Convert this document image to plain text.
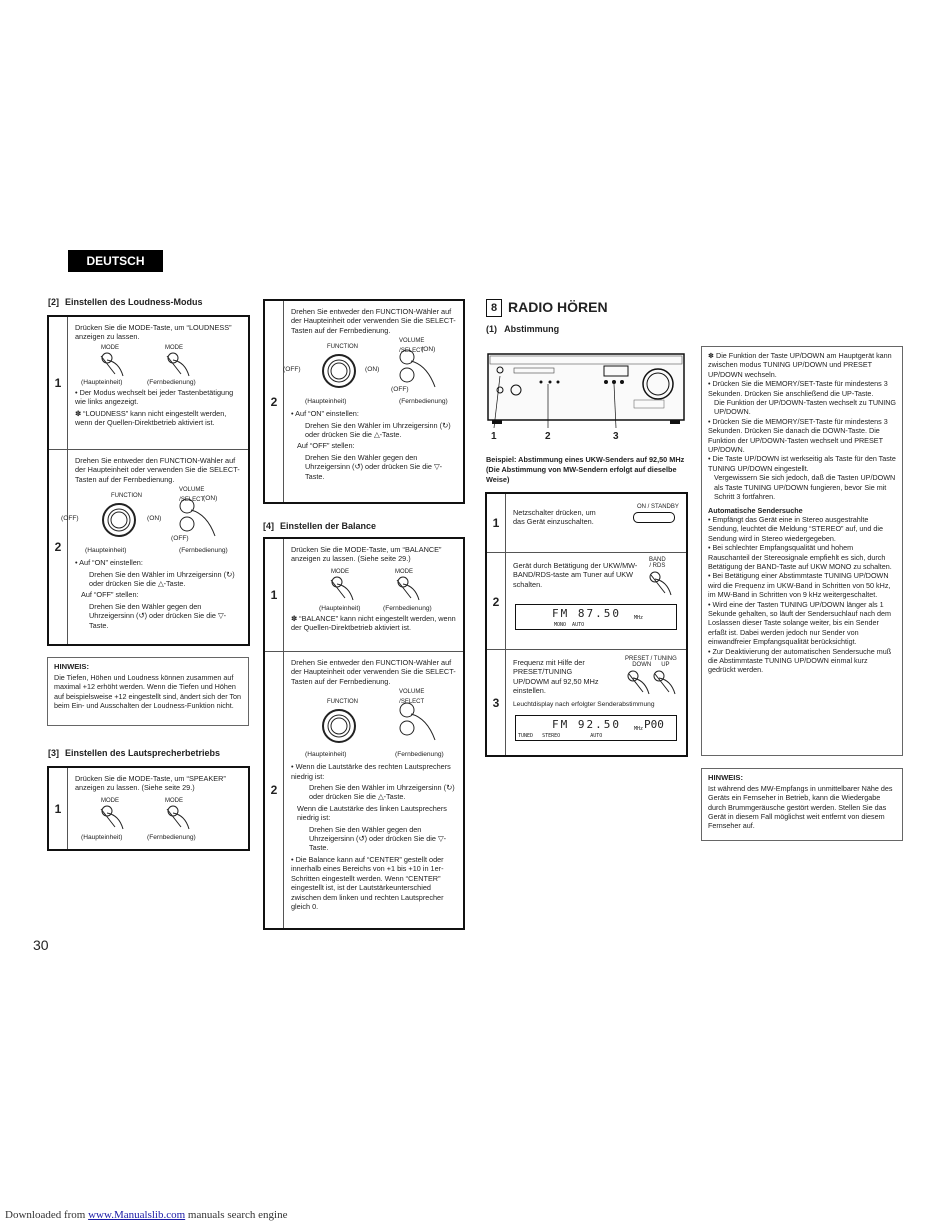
DEUTSCH
[2] Einstellen des Loudness-Modus
1

Drücken Sie die MODE-Taste, um “LOUDNESS” anzeigen zu lassen.

MODE	MODE
(Haupteinheit)	(Fernbedienung)

• Der Modus wechselt bei jeder Tastenbetätigung wie links angezeigt.

✽ “LOUDNESS” kann nicht eingestellt werden, wenn der Quellen-Direktbetrieb aktiviert ist.

2

Drehen Sie entweder den FUNCTION-Wähler auf der Haupteinheit oder verwenden Sie die SELECT-Tasten auf der Fernbedienung.

FUNCTION
(OFF)	(ON)
VOLUME
/SELECT
(ON)
(OFF)
(Haupteinheit)	(Fernbedienung)

• Auf “ON” einstellen:

Drehen Sie den Wähler im Uhrzeigersinn (↻) oder drücken Sie die △-Taste.

Auf “OFF” stellen:

Drehen Sie den Wähler gegen den Uhrzeigersinn (↺) oder drücken Sie die ▽-Taste.

HINWEIS:
Die Tiefen, Höhen und Loudness können zusammen auf maximal +12 erhöht werden. Wenn die Tiefen und Höhen auf beispielsweise +12 eingestellt sind, ändert sich der Ton beim Ein- und Ausschalten der Loudness-Funktion nicht.
[3] Einstellen des Lautsprecherbetriebs
1

Drücken Sie die MODE-Taste, um “SPEAKER” anzeigen zu lassen. (Siehe seite 29.)

MODE	MODE
(Haupteinheit)	(Fernbedienung)
2

Drehen Sie entweder den FUNCTION-Wähler auf der Haupteinheit oder verwenden Sie die SELECT-Tasten auf der Fernbedienung.

FUNCTION
(OFF)	(ON)
VOLUME
/SELECT
(ON)
(OFF)
(Haupteinheit)	(Fernbedienung)

• Auf “ON” einstellen:

Drehen Sie den Wähler im Uhrzeigersinn (↻) oder drücken Sie die △-Taste.

Auf “OFF” stellen:

Drehen Sie den Wähler gegen den Uhrzeigersinn (↺) oder drücken Sie die ▽-Taste.

[4] Einstellen der Balance
1

Drücken Sie die MODE-Taste, um “BALANCE” anzeigen zu lassen. (Siehe seite 29.)

MODE	MODE
(Haupteinheit)	(Fernbedienung)

✽ “BALANCE” kann nicht eingestellt werden, wenn der Quellen-Direktbetrieb aktiviert ist.

2

Drehen Sie entweder den FUNCTION-Wähler auf der Haupteinheit oder verwenden Sie die SELECT-Tasten auf der Fernbedienung.

FUNCTION
VOLUME
/SELECT
(Haupteinheit)	(Fernbedienung)

• Wenn die Lautstärke des rechten Lautsprechers niedrig ist:

Drehen Sie den Wähler im Uhrzeigersinn (↻) oder drücken Sie die △-Taste.

Wenn die Lautstärke des linken Lautsprechers niedrig ist:

Drehen Sie den Wähler gegen den Uhrzeigersinn (↺) oder drücken Sie die ▽-Taste.

• Die Balance kann auf “CENTER” gestellt oder innerhalb eines Bereichs von +1 bis +10 in 1er-Schritten eingestellt werden. Wenn “CENTER” eingestellt ist, ist der Lautstärkeunterschied zwischen dem linken und rechten Lautsprecher gleich 0.

8 RADIO HÖREN
(1)   Abstimmung
1	2	3
Beispiel: Abstimmung eines UKW-Senders auf 92,50 MHz (Die Abstimmung von MW-Sendern erfolgt auf dieselbe Weise)
1

Netzschalter drücken, um das Gerät einzuschalten.

ON / STANDBY
2

Gerät durch Betätigung der UKW/MW- BAND/RDS-taste am Tuner auf UKW schalten.

BAND
/ RDS
FM 87.50	MHz
MONO  AUTO
3

Frequenz mit Hilfe der PRESET/TUNING UP/DOWM auf 92,50 MHz einstellen.

PRESET / TUNING
DOWN      UP
Leuchtdisplay nach erfolgter Senderabstimmung
FM 92.50	MHz P00
TUNED   STEREO          AUTO

✽ Die Funktion der Taste UP/DOWN am Hauptgerät kann zwischen modus TUNING UP/DOWN und PRESET UP/DOWN wechseln.

• Drücken Sie die MEMORY/SET-Taste für mindestens 3 Sekunden. Drücken Sie anschließend die UP-Taste.

Die Funktion der UP/DOWN-Tasten wechselt zu TUNING UP/DOWN.

• Drücken Sie die MEMORY/SET-Taste für mindestens 3 Sekunden. Drücken Sie danach die DOWN-Taste. Die Funktion der UP/DOWN-Tasten wechselt und PRESET UP/DOWN.

• Die Taste UP/DOWN ist werkseitig als Taste für den Taste TUNING UP/DOWN eingestellt.

Vergewissern Sie sich jedoch, daß die Tasten UP/DOWN als Taste TUNING UP/DOWN fungieren, bevor Sie mit Schritt 3 fortfahren.

Automatische Sendersuche

• Empfängt das Gerät eine in Stereo ausgestrahlte Sendung, leuchtet die Meldung “STEREO” auf, und die Sendung wird in Stereo wiedergegeben.

• Bei schlechter Empfangsqualität und hohem Rauschanteil der Stereosignale empfiehlt es sich, durch Betätigung der BAND-Taste auf UKW MONO zu schalten.

• Bei Betätigung einer Abstimmtaste TUNING UP/DOWN wird die Frequenz im UKW-Band in Schritten von 50 kHz, im MW-Band in Schritten von 9 kHz weitergeschaltet.

• Wird eine der Tasten TUNING UP/DOWN länger als 1 Sekunde gehalten, so läuft der Sendersuchlauf nach dem Loslassen dieser Taste solange weiter, bis ein Sender erfaßt ist. Dabei werden jedoch nur Sender von einwandfreier Empfangsqualität berücksichtigt.

• Zur Deaktivierung der automatischen Sendersuche muß die Abstimmtaste TUNING UP/DOWN einmal kurz gedrückt werden.

HINWEIS:
Ist während des MW-Empfangs in unmittelbarer Nähe des Geräts ein Fernseher in Betrieb, kann die Wiedergabe durch Brummgeräusche gestört werden. Stellen Sie das Gerät in diesem Fall möglichst weit entfernt von diesem Fernseher auf.
30
Downloaded from www.Manualslib.com manuals search engine
